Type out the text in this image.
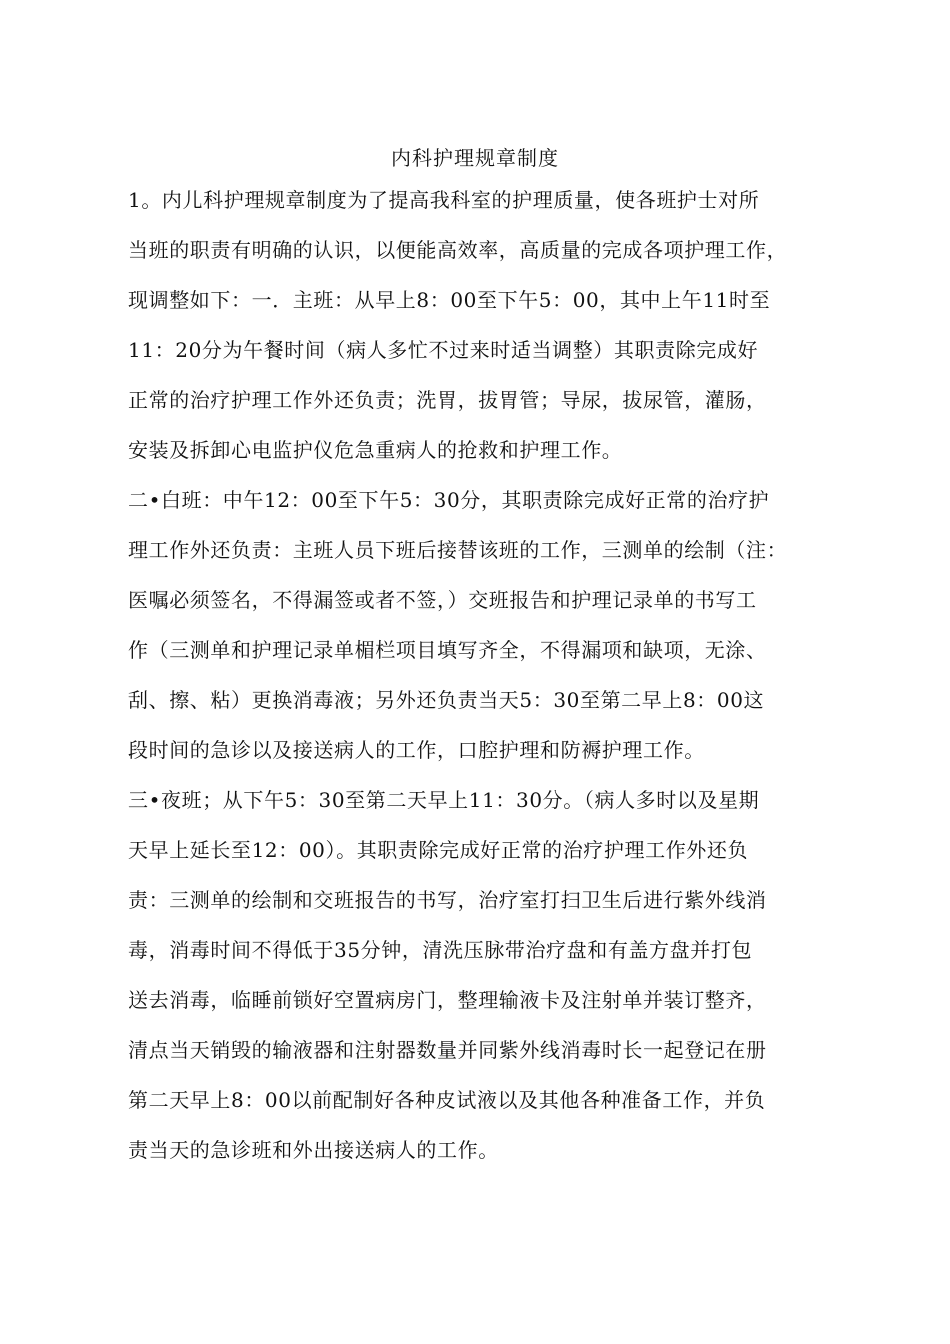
内科护理规章制度
1。内儿科护理规章制度为了提高我科室的护理质量，使各班护士对所
当班的职责有明确的认识，以便能高效率，高质量的完成各项护理工作，
现调整如下：一．主班：从早上8：00至下午5：00，其中上午11时至
11：20分为午餐时间（病人多忙不过来时适当调整）其职责除完成好
正常的治疗护理工作外还负责；洗胃，拔胃管；导尿，拔尿管，灌肠，
安装及拆卸心电监护仪危急重病人的抢救和护理工作。
二•白班：中午12：00至下午5：30分，其职责除完成好正常的治疗护
理工作外还负责：主班人员下班后接替该班的工作，三测单的绘制（注：
医嘱必须签名，不得漏签或者不签，）交班报告和护理记录单的书写工
作（三测单和护理记录单楣栏项目填写齐全，不得漏项和缺项，无涂、
刮、擦、粘）更换消毒液；另外还负责当天5：30至第二早上8：00这
段时间的急诊以及接送病人的工作，口腔护理和防褥护理工作。
三•夜班；从下午5：30至第二天早上11：30分。（病人多时以及星期
天早上延长至12：00）。其职责除完成好正常的治疗护理工作外还负
责：三测单的绘制和交班报告的书写，治疗室打扫卫生后进行紫外线消
毒，消毒时间不得低于35分钟，清洗压脉带治疗盘和有盖方盘并打包
送去消毒，临睡前锁好空置病房门，整理输液卡及注射单并装订整齐，
清点当天销毁的输液器和注射器数量并同紫外线消毒时长一起登记在册
第二天早上8：00以前配制好各种皮试液以及其他各种准备工作，并负
责当天的急诊班和外出接送病人的工作。
